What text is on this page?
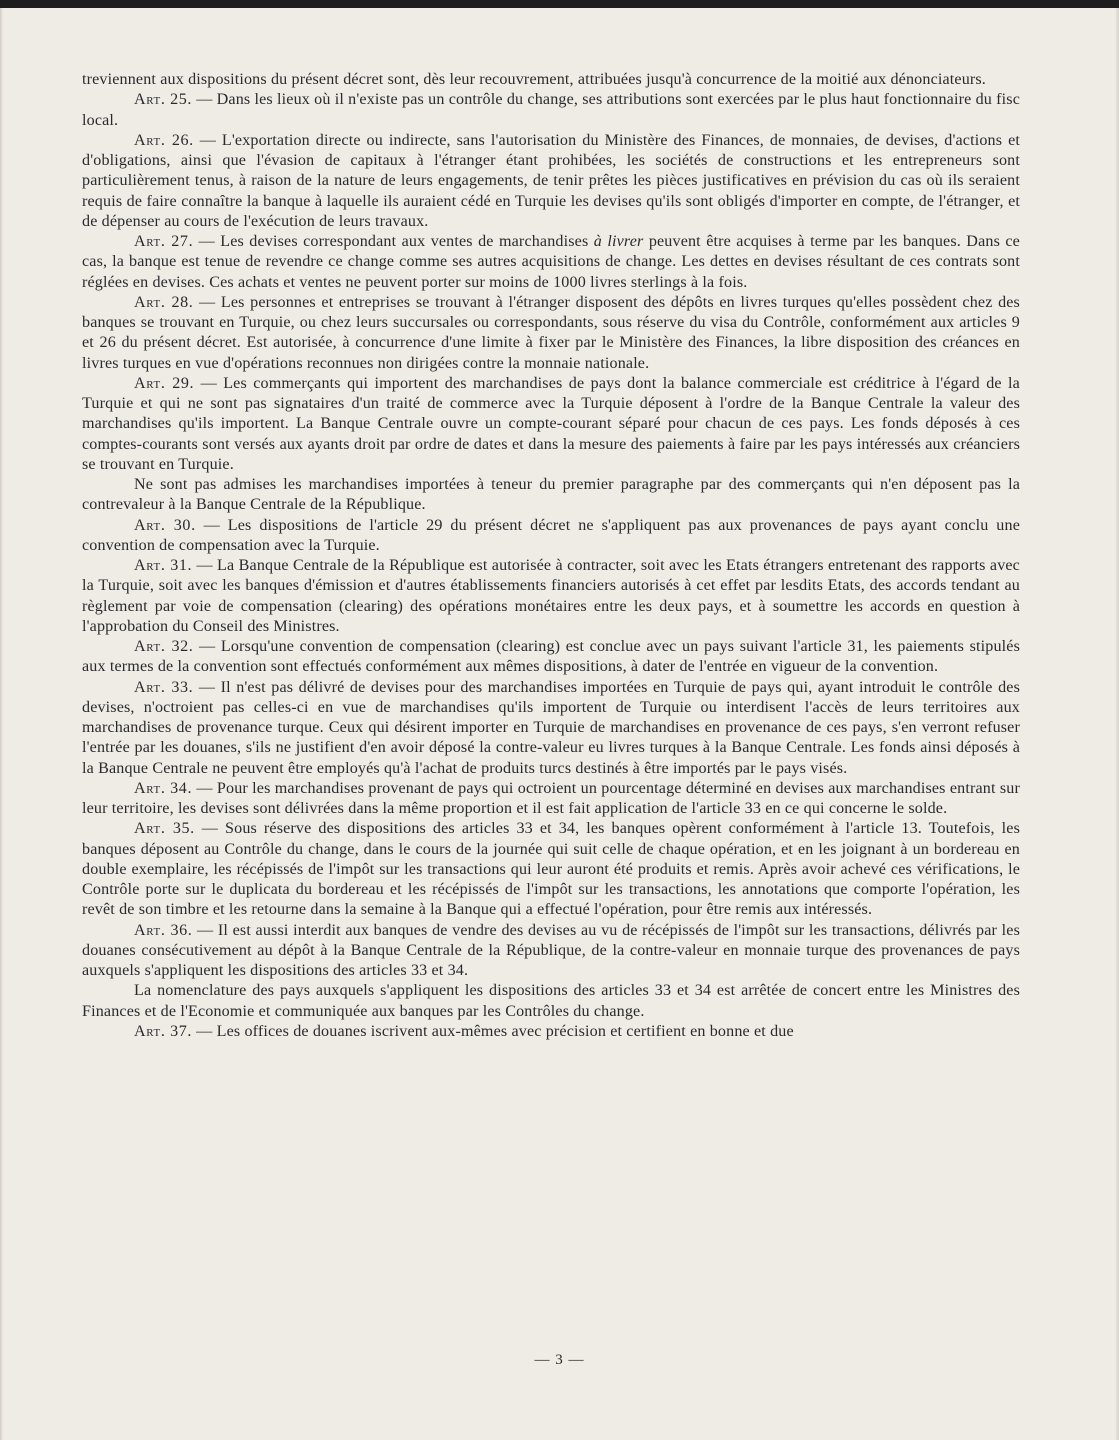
treviennent aux dispositions du présent décret sont, dès leur recouvrement, attribuées jusqu'à concurrence de la moitié aux dénonciateurs.

Art. 25. — Dans les lieux où il n'existe pas un contrôle du change, ses attributions sont exercées par le plus haut fonctionnaire du fisc local.

Art. 26. — L'exportation directe ou indirecte, sans l'autorisation du Ministère des Finances, de monnaies, de devises, d'actions et d'obligations, ainsi que l'évasion de capitaux à l'étranger étant prohibées, les sociétés de constructions et les entrepreneurs sont particulièrement tenus, à raison de la nature de leurs engagements, de tenir prêtes les pièces justificatives en prévision du cas où ils seraient requis de faire connaître la banque à laquelle ils auraient cédé en Turquie les devises qu'ils sont obligés d'importer en compte, de l'étranger, et de dépenser au cours de l'exécution de leurs travaux.

Art. 27. — Les devises correspondant aux ventes de marchandises à livrer peuvent être acquises à terme par les banques. Dans ce cas, la banque est tenue de revendre ce change comme ses autres acquisitions de change. Les dettes en devises résultant de ces contrats sont réglées en devises. Ces achats et ventes ne peuvent porter sur moins de 1000 livres sterlings à la fois.

Art. 28. — Les personnes et entreprises se trouvant à l'étranger disposent des dépôts en livres turques qu'elles possèdent chez des banques se trouvant en Turquie, ou chez leurs succursales ou correspondants, sous réserve du visa du Contrôle, conformément aux articles 9 et 26 du présent décret. Est autorisée, à concurrence d'une limite à fixer par le Ministère des Finances, la libre disposition des créances en livres turques en vue d'opérations reconnues non dirigées contre la monnaie nationale.

Art. 29. — Les commerçants qui importent des marchandises de pays dont la balance commerciale est créditrice à l'égard de la Turquie et qui ne sont pas signataires d'un traité de commerce avec la Turquie déposent à l'ordre de la Banque Centrale la valeur des marchandises qu'ils importent. La Banque Centrale ouvre un compte-courant séparé pour chacun de ces pays. Les fonds déposés à ces comptes-courants sont versés aux ayants droit par ordre de dates et dans la mesure des paiements à faire par les pays intéressés aux créanciers se trouvant en Turquie.

Ne sont pas admises les marchandises importées à teneur du premier paragraphe par des commerçants qui n'en déposent pas la contrevaleur à la Banque Centrale de la République.

Art. 30. — Les dispositions de l'article 29 du présent décret ne s'appliquent pas aux provenances de pays ayant conclu une convention de compensation avec la Turquie.

Art. 31. — La Banque Centrale de la République est autorisée à contracter, soit avec les Etats étrangers entretenant des rapports avec la Turquie, soit avec les banques d'émission et d'autres établissements financiers autorisés à cet effet par lesdits Etats, des accords tendant au règlement par voie de compensation (clearing) des opérations monétaires entre les deux pays, et à soumettre les accords en question à l'approbation du Conseil des Ministres.

Art. 32. — Lorsqu'une convention de compensation (clearing) est conclue avec un pays suivant l'article 31, les paiements stipulés aux termes de la convention sont effectués conformément aux mêmes dispositions, à dater de l'entrée en vigueur de la convention.

Art. 33. — Il n'est pas délivré de devises pour des marchandises importées en Turquie de pays qui, ayant introduit le contrôle des devises, n'octroient pas celles-ci en vue de marchandises qu'ils importent de Turquie ou interdisent l'accès de leurs territoires aux marchandises de provenance turque. Ceux qui désirent importer en Turquie de marchandises en provenance de ces pays, s'en verront refuser l'entrée par les douanes, s'ils ne justifient d'en avoir déposé la contre-valeur eu livres turques à la Banque Centrale. Les fonds ainsi déposés à la Banque Centrale ne peuvent être employés qu'à l'achat de produits turcs destinés à être importés par le pays visés.

Art. 34. — Pour les marchandises provenant de pays qui octroient un pourcentage déterminé en devises aux marchandises entrant sur leur territoire, les devises sont délivrées dans la même proportion et il est fait application de l'article 33 en ce qui concerne le solde.

Art. 35. — Sous réserve des dispositions des articles 33 et 34, les banques opèrent conformément à l'article 13. Toutefois, les banques déposent au Contrôle du change, dans le cours de la journée qui suit celle de chaque opération, et en les joignant à un bordereau en double exemplaire, les récépissés de l'impôt sur les transactions qui leur auront été produits et remis. Après avoir achevé ces vérifications, le Contrôle porte sur le duplicata du bordereau et les récépissés de l'impôt sur les transactions, les annotations que comporte l'opération, les revêt de son timbre et les retourne dans la semaine à la Banque qui a effectué l'opération, pour être remis aux intéressés.

Art. 36. — Il est aussi interdit aux banques de vendre des devises au vu de récépissés de l'impôt sur les transactions, délivrés par les douanes consécutivement au dépôt à la Banque Centrale de la République, de la contre-valeur en monnaie turque des provenances de pays auxquels s'appliquent les dispositions des articles 33 et 34.

La nomenclature des pays auxquels s'appliquent les dispositions des articles 33 et 34 est arrêtée de concert entre les Ministres des Finances et de l'Economie et communiquée aux banques par les Contrôles du change.

Art. 37. — Les offices de douanes iscrivent aux-mêmes avec précision et certifient en bonne et due

— 3 —
